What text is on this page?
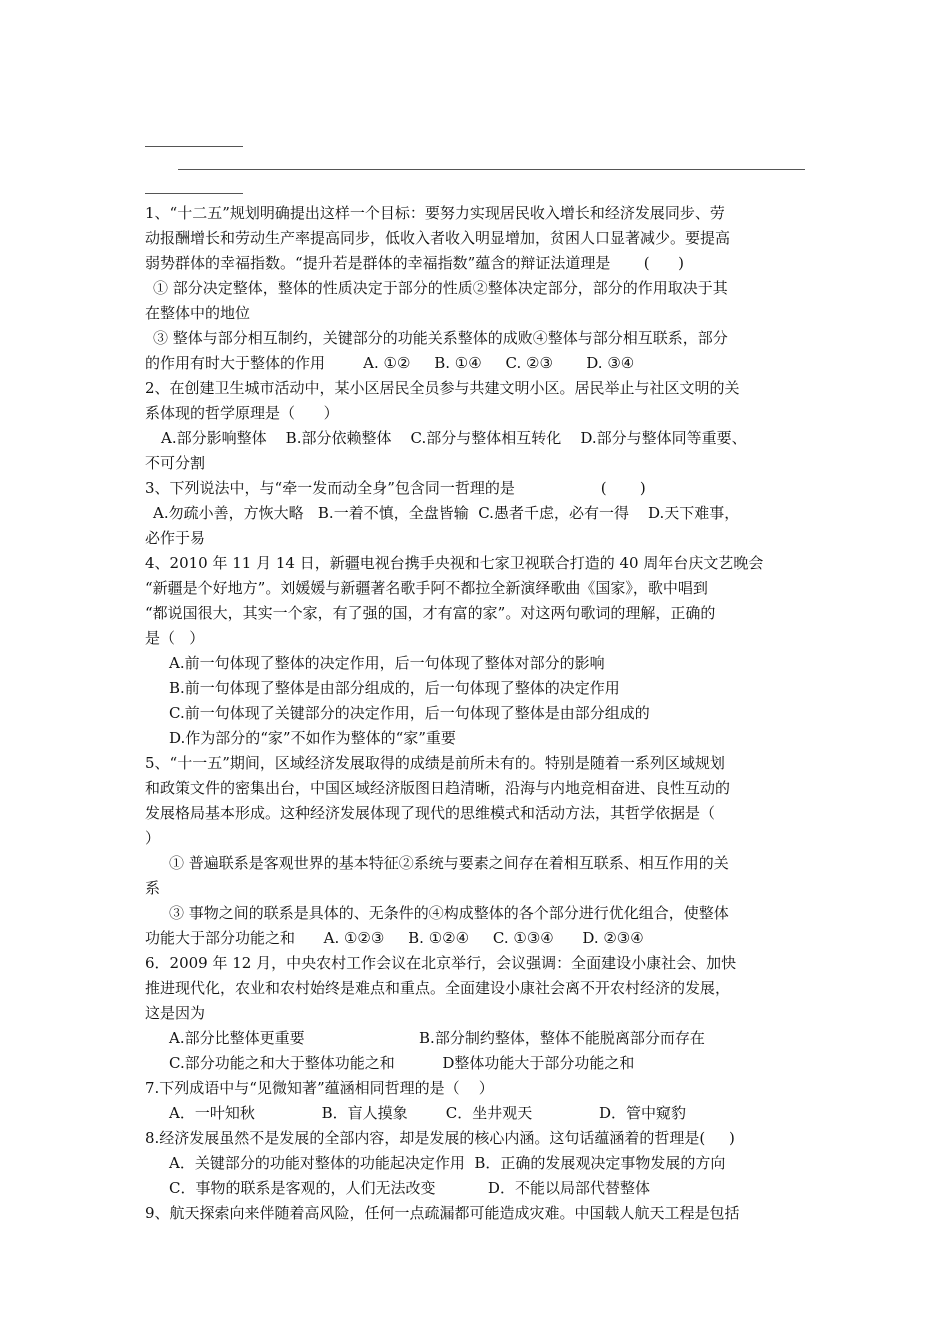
1、“十二五”规划明确提出这样一个目标：要努力实现居民收入增长和经济发展同步、劳
动报酬增长和劳动生产率提高同步，低收入者收入明显增加，贫困人口显著减少。要提高
弱势群体的幸福指数。“提升若是群体的幸福指数”蕴含的辩证法道理是       (      )
① 部分决定整体，整体的性质决定于部分的性质②整体决定部分，部分的作用取决于其
在整体中的地位
③ 整体与部分相互制约，关键部分的功能关系整体的成败④整体与部分相互联系，部分
的作用有时大于整体的作用        A. ①②     B. ①④     C. ②③       D. ③④
2、在创建卫生城市活动中，某小区居民全员参与共建文明小区。居民举止与社区文明的关
系体现的哲学原理是（      ）
A.部分影响整体    B.部分依赖整体    C.部分与整体相互转化    D.部分与整体同等重要、
不可分割
3、下列说法中，与“牵一发而动全身”包含同一哲理的是                  (       )
A.勿疏小善，方恢大略   B.一着不慎，全盘皆输  C.愚者千虑，必有一得    D.天下难事，
必作于易
4、2010 年 11 月 14 日，新疆电视台携手央视和七家卫视联合打造的 40 周年台庆文艺晚会
“新疆是个好地方”。刘媛媛与新疆著名歌手阿不都拉全新演绎歌曲《国家》，歌中唱到
“都说国很大，其实一个家，有了强的国，才有富的家”。对这两句歌词的理解，正确的
是（   ）
A.前一句体现了整体的决定作用，后一句体现了整体对部分的影响
B.前一句体现了整体是由部分组成的，后一句体现了整体的决定作用
C.前一句体现了关键部分的决定作用，后一句体现了整体是由部分组成的
D.作为部分的“家”不如作为整体的“家”重要
5、“十一五”期间，区域经济发展取得的成绩是前所未有的。特别是随着一系列区域规划
和政策文件的密集出台，中国区域经济版图日趋清晰，沿海与内地竞相奋进、良性互动的
发展格局基本形成。这种经济发展体现了现代的思维模式和活动方法，其哲学依据是（
）
① 普遍联系是客观世界的基本特征②系统与要素之间存在着相互联系、相互作用的关
系
③ 事物之间的联系是具体的、无条件的④构成整体的各个部分进行优化组合，使整体
功能大于部分功能之和      A. ①②③     B. ①②④     C. ①③④      D. ②③④
6．2009 年 12 月，中央农村工作会议在北京举行，会议强调：全面建设小康社会、加快
推进现代化，农业和农村始终是难点和重点。全面建设小康社会离不开农村经济的发展，
这是因为
A.部分比整体更重要                        B.部分制约整体，整体不能脱离部分而存在
C.部分功能之和大于整体功能之和          D整体功能大于部分功能之和
7.下列成语中与“见微知著”蕴涵相同哲理的是（    ）
A．一叶知秋              B．盲人摸象        C．坐井观天              D．管中窥豹
8.经济发展虽然不是发展的全部内容，却是发展的核心内涵。这句话蕴涵着的哲理是(     )
A．关键部分的功能对整体的功能起决定作用  B．正确的发展观决定事物发展的方向
C．事物的联系是客观的，人们无法改变           D．不能以局部代替整体
9、航天探索向来伴随着高风险，任何一点疏漏都可能造成灾难。中国载人航天工程是包括
